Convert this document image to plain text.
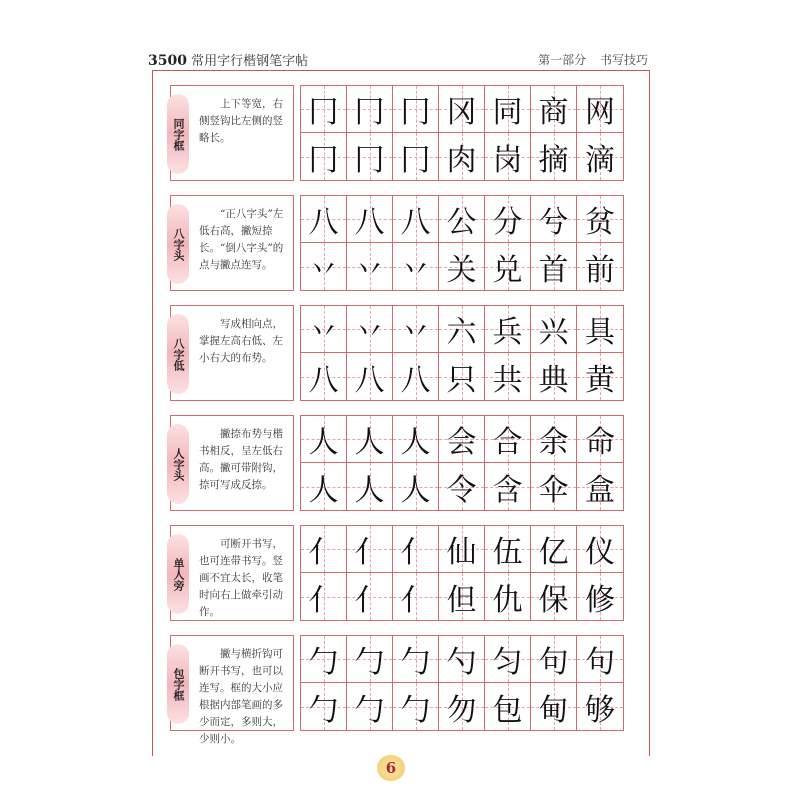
3500 常用字行楷钢笔字帖	第一部分 书写技巧
同字框
上下等宽，右侧竖钩比左侧的竖略长。
冂 冂 冂 冈 同 商 网
冂 冂 冂 肉 岗 摘 滴
八字头
“正八字头”左低右高，撇短捺长。“倒八字头”的点与撇点连写。
八 八 八 公 分 兮 贫
丷 丷 丷 关 兑 首 前
八字低
写成相向点，掌握左高右低、左小右大的布势。
丷 丷 丷 六 兵 兴 具
八 八 八 只 共 典 黄
人字头
撇捺布势与楷书相反，呈左低右高。撇可带附钩，捺可写成反捺。
人 人 人 会 合 余 命
人 人 人 令 含 伞 盒
单人旁
可断开书写，也可连带书写。竖画不宜太长，收笔时向右上做牵引动作。
亻 亻 亻 仙 伍 亿 仪
亻 亻 亻 但 仇 保 修
包字框
撇与横折钩可断开书写，也可以连写。框的大小应根据内部笔画的多少而定，多则大，少则小。
勹 勹 勹 勺 匀 句 句
勹 勹 勹 勿 包 甸 够
6
